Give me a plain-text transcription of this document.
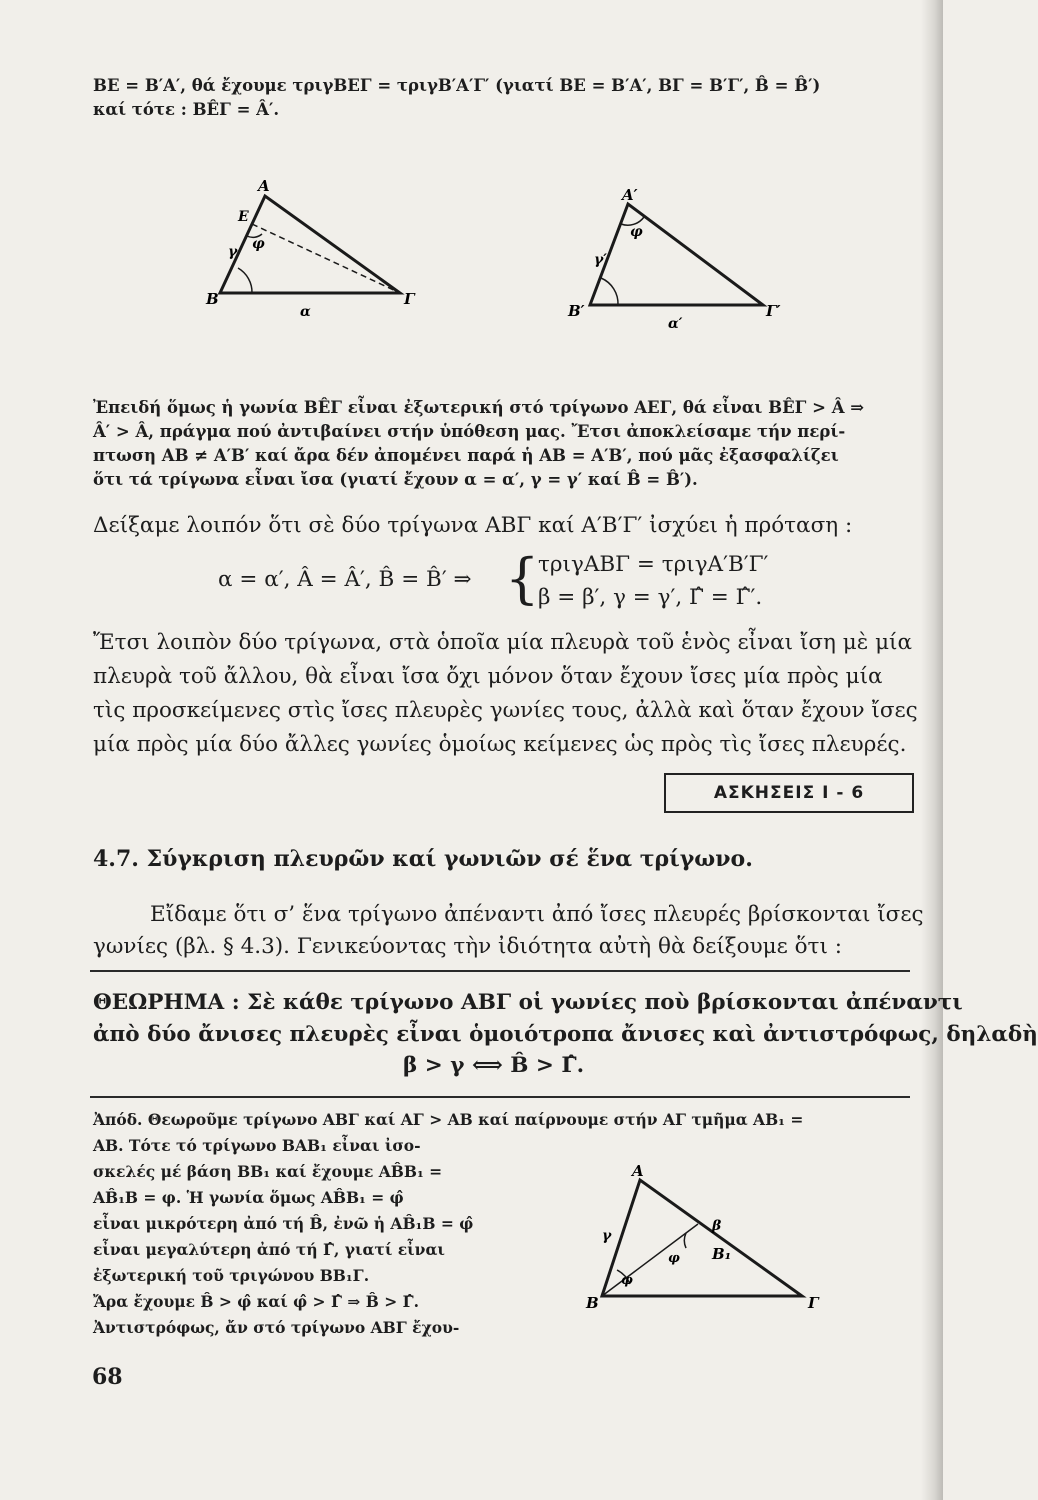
ΒΕ = Β′Α′, θά ἔχουμε τριγΒΕΓ = τριγΒ′Α′Γ′ (γιατί ΒΕ = Β′Α′, ΒΓ = Β′Γ′, B̂ = B̂′)
καί τότε : ΒÊΓ = Â′.
A
E
φ
γ
B
α
Γ
A′
φ
γ′
B′
α′
Γ′
Ἐπειδή ὅμως ἡ γωνία ΒÊΓ εἶναι ἐξωτερική στό τρίγωνο ΑΕΓ, θά εἶναι ΒÊΓ > Â ⇒
Â′ > Â, πράγμα πού ἀντιβαίνει στήν ὑπόθεση μας. Ἔτσι ἀποκλείσαμε τήν περί-
πτωση ΑΒ ≠ Α′Β′ καί ἄρα δέν ἀπομένει παρά ἡ ΑΒ = Α′Β′, πού μᾶς ἐξασφαλίζει
ὅτι τά τρίγωνα εἶναι ἴσα (γιατί ἔχουν α = α′, γ = γ′ καί B̂ = B̂′).
Δείξαμε λοιπόν ὅτι σὲ δύο τρίγωνα ΑΒΓ καί Α′Β′Γ′ ἰσχύει ἡ πρόταση :
α = α′, Â = Â′, B̂ = B̂′ ⇒ {
τριγΑΒΓ = τριγΑ′Β′Γ′
β = β′, γ = γ′, Γ̂ = Γ̂′.
Ἔτσι λοιπὸν δύο τρίγωνα, στὰ ὁποῖα μία πλευρὰ τοῦ ἑνὸς εἶναι ἴση μὲ μία
πλευρὰ τοῦ ἄλλου, θὰ εἶναι ἴσα ὄχι μόνον ὅταν ἔχουν ἴσες μία πρὸς μία
τὶς προσκείμενες στὶς ἴσες πλευρὲς γωνίες τους, ἀλλὰ καὶ ὅταν ἔχουν ἴσες
μία πρὸς μία δύο ἄλλες γωνίες ὁμοίως κείμενες ὡς πρὸς τὶς ἴσες πλευρές.
ΑΣΚΗΣΕΙΣ Ι - 6
4.7. Σύγκριση πλευρῶν καί γωνιῶν σέ ἕνα τρίγωνο.
Εἴδαμε ὅτι σ’ ἕνα τρίγωνο ἀπέναντι ἀπό ἴσες πλευρές βρίσκονται ἴσες
γωνίες (βλ. § 4.3). Γενικεύοντας τὴν ἰδιότητα αὐτὴ θὰ δείξουμε ὅτι :
ΘΕΩΡΗΜΑ : Σὲ κάθε τρίγωνο ΑΒΓ οἱ γωνίες ποὺ βρίσκονται ἀπέναντι
ἀπὸ δύο ἄνισες πλευρὲς εἶναι ὁμοιότροπα ἄνισες καὶ ἀντιστρόφως, δηλαδὴ
β > γ ⟺ B̂ > Γ̂.
Ἀπόδ. Θεωροῦμε τρίγωνο ΑΒΓ καί ΑΓ > ΑΒ καί παίρνουμε στήν ΑΓ τμῆμα ΑΒ₁ =
ΑΒ. Τότε τό τρίγωνο ΒΑΒ₁ εἶναι ἰσο-
σκελές μέ βάση ΒΒ₁ καί ἔχουμε ΑB̂Β₁ =
ΑB̂₁Β = φ. Ἡ γωνία ὅμως ΑB̂Β₁ = φ̂
εἶναι μικρότερη ἀπό τή B̂, ἐνῶ ἡ ΑB̂₁Β = φ̂
εἶναι μεγαλύτερη ἀπό τή Γ̂, γιατί εἶναι
ἐξωτερική τοῦ τριγώνου ΒΒ₁Γ.
Ἄρα ἔχουμε B̂ > φ̂ καί φ̂ > Γ̂ ⇒ B̂ > Γ̂.
Ἀντιστρόφως, ἄν στό τρίγωνο ΑΒΓ ἔχου-
A
γ
β
φ
φ
B₁
B	Γ
68
